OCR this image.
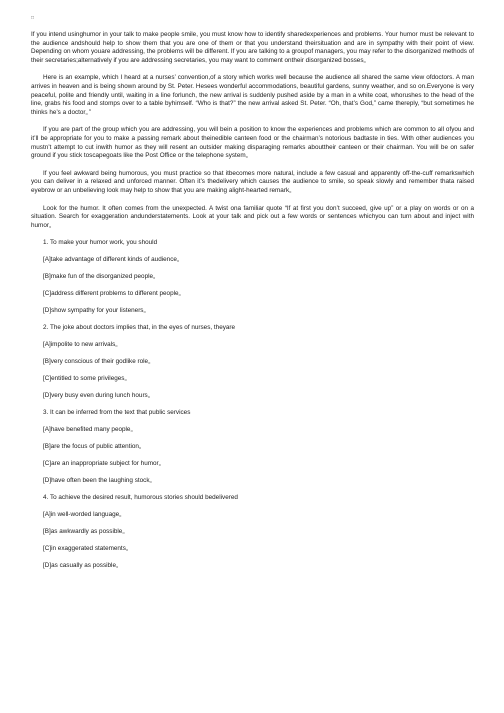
□

If you intend usinghumor in your talk to make people smile, you must know how to identify sharedexperiences and problems. Your humor must be relevant to the audience andshould help to show them that you are one of them or that you understand theirsituation and are in sympathy with their point of view. Depending on whom youare addressing, the problems will be different. If you are talking to a groupof managers, you may refer to the disorganized methods of their secretaries;alternatively if you are addressing secretaries, you may want to comment ontheir disorganized bosses。

Here is an example, which I heard at a nurses’ convention,of a story which works well because the audience all shared the same view ofdoctors. A man arrives in heaven and is being shown around by St. Peter. Hesees wonderful accommodations, beautiful gardens, sunny weather, and so on.Everyone is very peaceful, polite and friendly until, waiting in a line forlunch, the new arrival is suddenly pushed aside by a man in a white coat, whorushes to the head of the line, grabs his food and stomps over to a table byhimself. “Who is that?” the new arrival asked St. Peter. “Oh, that’s God,” came thereply, “but sometimes he thinks he’s a doctor。”

If you are part of the group which you are addressing, you will bein a position to know the experiences and problems which are common to all ofyou and it’ll be appropriate for you to make a passing remark about theinedible canteen food or the chairman’s notorious badtaste in ties. With other audiences you mustn’t attempt to cut inwith humor as they will resent an outsider making disparaging remarks abouttheir canteen or their chairman. You will be on safer ground if you stick toscapegoats like the Post Office or the telephone system。

If you feel awkward being humorous, you must practice so that itbecomes more natural, include a few casual and apparently off-the-cuff remarkswhich you can deliver in a relaxed and unforced manner. Often it’s thedelivery which causes the audience to smile, so speak slowly and remember thata raised eyebrow or an unbelieving look may help to show that you are making alight-hearted remark。

Look for the humor. It often comes from the unexpected. A twist ona familiar quote “If at first you don’t succeed, give up” or a play on words or on a situation. Search for exaggeration andunderstatements. Look at your talk and pick out a few words or sentences whichyou can turn about and inject with humor。

1. To make your humor work, you should

[A]take advantage of different kinds of audience。

[B]make fun of the disorganized people。

[C]address different problems to different people。

[D]show sympathy for your listeners。

2. The joke about doctors implies that, in the eyes of nurses, theyare

[A]impolite to new arrivals。

[B]very conscious of their godlike role。

[C]entitled to some privileges。

[D]very busy even during lunch hours。

3. It can be inferred from the text that public services

[A]have benefited many people。

[B]are the focus of public attention。

[C]are an inappropriate subject for humor。

[D]have often been the laughing stock。

4. To achieve the desired result, humorous stories should bedelivered

[A]in well-worded language。

[B]as awkwardly as possible。

[C]in exaggerated statements。

[D]as casually as possible。
